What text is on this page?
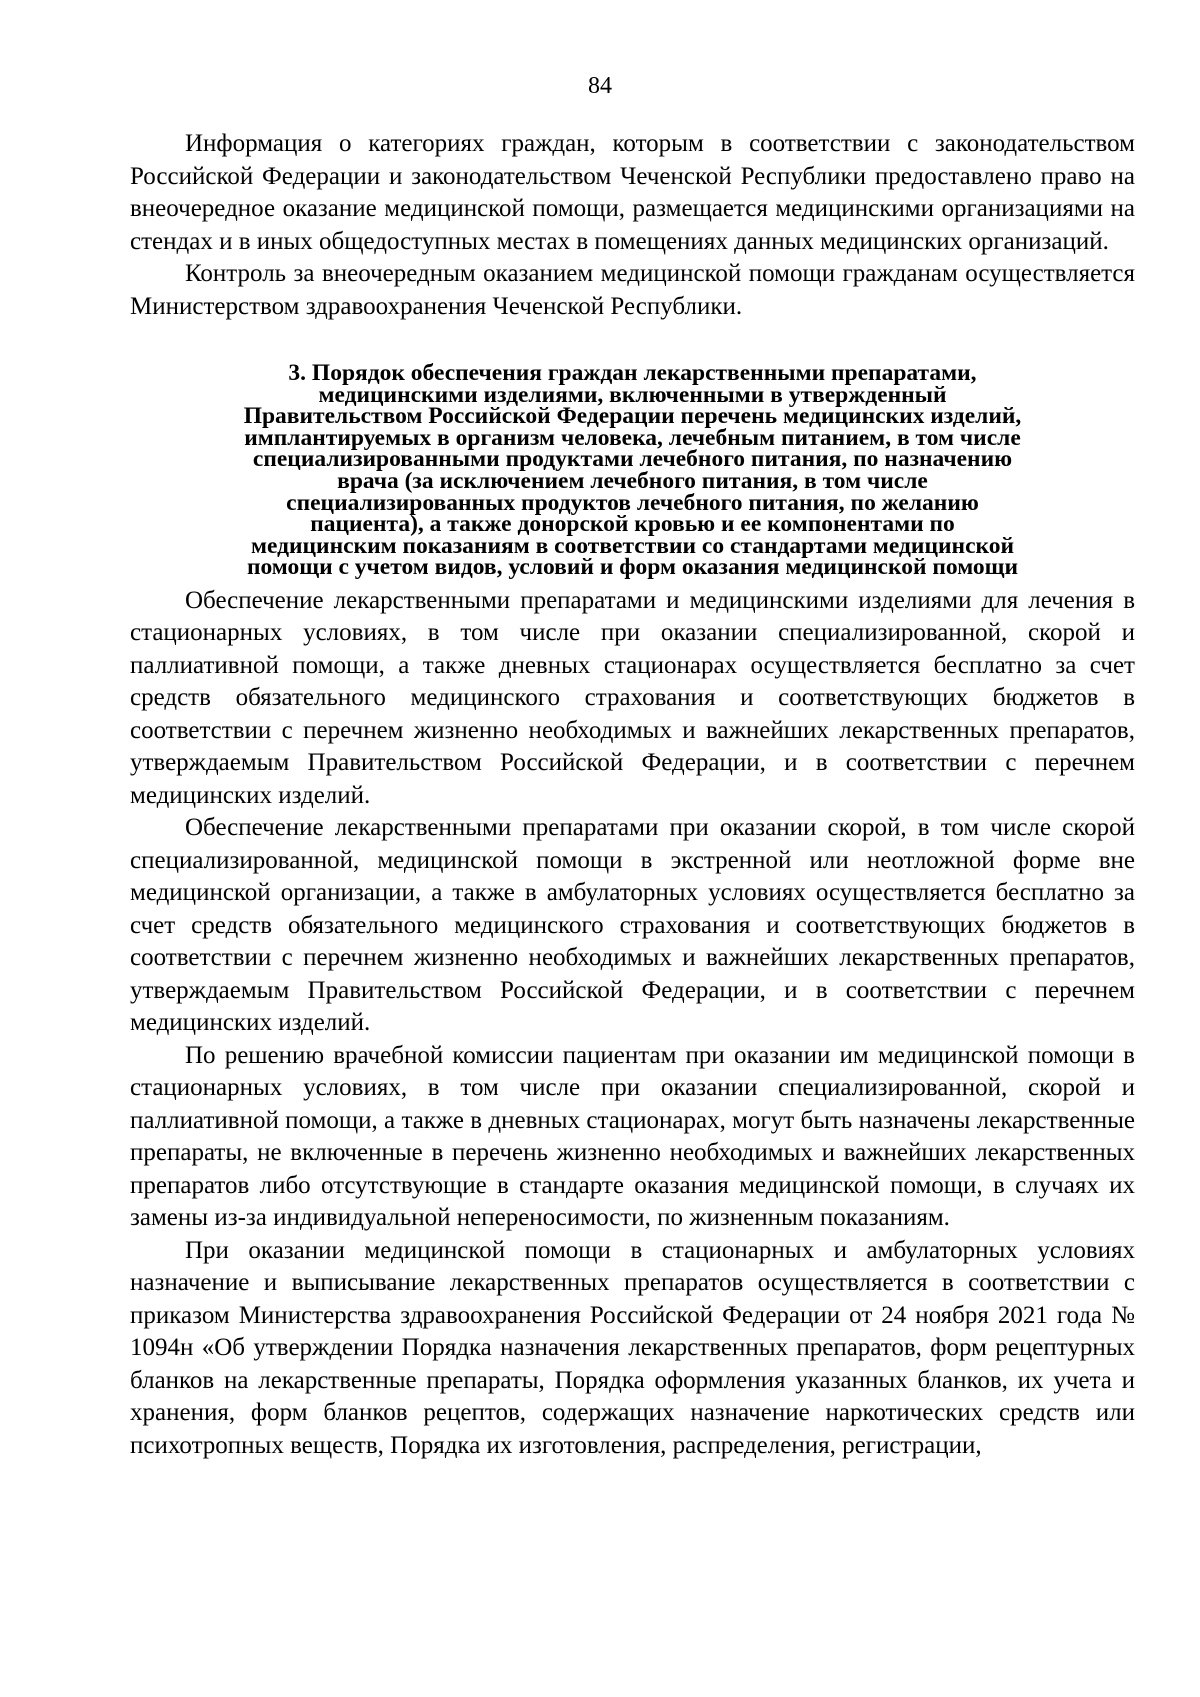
84

Информация о категориях граждан, которым в соответствии с законодательством Российской Федерации и законодательством Чеченской Республики предоставлено право на внеочередное оказание медицинской помощи, размещается медицинскими организациями на стендах и в иных общедоступных местах в помещениях данных медицинских организаций.

Контроль за внеочередным оказанием медицинской помощи гражданам осуществляется Министерством здравоохранения Чеченской Республики.

3. Порядок обеспечения граждан лекарственными препаратами,
медицинскими изделиями, включенными в утвержденный
Правительством Российской Федерации перечень медицинских изделий,
имплантируемых в организм человека, лечебным питанием, в том числе
специализированными продуктами лечебного питания, по назначению
врача (за исключением лечебного питания, в том числе
специализированных продуктов лечебного питания, по желанию
пациента), а также донорской кровью и ее компонентами по
медицинским показаниям в соответствии со стандартами медицинской
помощи с учетом видов, условий и форм оказания медицинской помощи

Обеспечение лекарственными препаратами и медицинскими изделиями для лечения в стационарных условиях, в том числе при оказании специализированной, скорой и паллиативной помощи, а также дневных стационарах осуществляется бесплатно за счет средств обязательного медицинского страхования и соответствующих бюджетов в соответствии с перечнем жизненно необходимых и важнейших лекарственных препаратов, утверждаемым Правительством Российской Федерации, и в соответствии с перечнем медицинских изделий.

Обеспечение лекарственными препаратами при оказании скорой, в том числе скорой специализированной, медицинской помощи в экстренной или неотложной форме вне медицинской организации, а также в амбулаторных условиях осуществляется бесплатно за счет средств обязательного медицинского страхования и соответствующих бюджетов в соответствии с перечнем жизненно необходимых и важнейших лекарственных препаратов, утверждаемым Правительством Российской Федерации, и в соответствии с перечнем медицинских изделий.

По решению врачебной комиссии пациентам при оказании им медицинской помощи в стационарных условиях, в том числе при оказании специализированной, скорой и паллиативной помощи, а также в дневных стационарах, могут быть назначены лекарственные препараты, не включенные в перечень жизненно необходимых и важнейших лекарственных препаратов либо отсутствующие в стандарте оказания медицинской помощи, в случаях их замены из-за индивидуальной непереносимости, по жизненным показаниям.

При оказании медицинской помощи в стационарных и амбулаторных условиях назначение и выписывание лекарственных препаратов осуществляется в соответствии с приказом Министерства здравоохранения Российской Федерации от 24 ноября 2021 года № 1094н «Об утверждении Порядка назначения лекарственных препаратов, форм рецептурных бланков на лекарственные препараты, Порядка оформления указанных бланков, их учета и хранения, форм бланков рецептов, содержащих назначение наркотических средств или психотропных веществ, Порядка их изготовления, распределения, регистрации,
